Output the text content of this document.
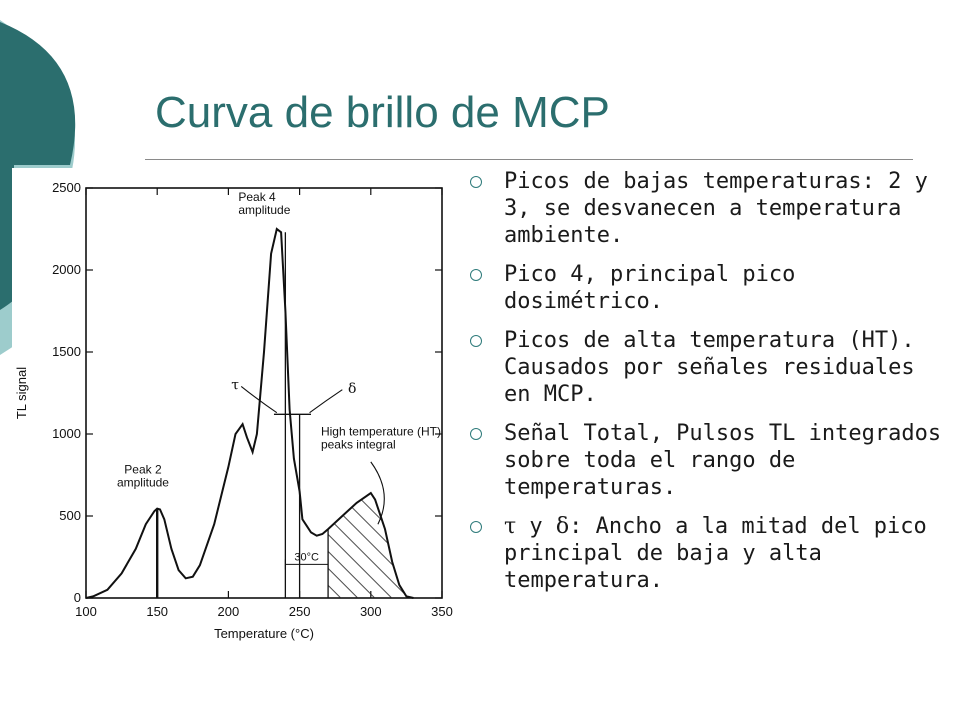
Curva de brillo de MCP
100	150	200	250	300	350
0
500
1000
1500
2000
2500
Temperature (°C)
TL signal
30°C
Peak 2 amplitude
Peak 4 amplitude
High temperature (HT) peaks integral
τ	δ
Picos de bajas temperaturas: 2 y 3, se desvanecen a temperatura ambiente.
Pico 4, principal pico dosimétrico.
Picos de alta temperatura (HT). Causados por señales residuales en MCP.
Señal Total, Pulsos TL integrados sobre toda el rango de temperaturas.
τ y δ: Ancho a la mitad del pico principal de baja y alta temperatura.
